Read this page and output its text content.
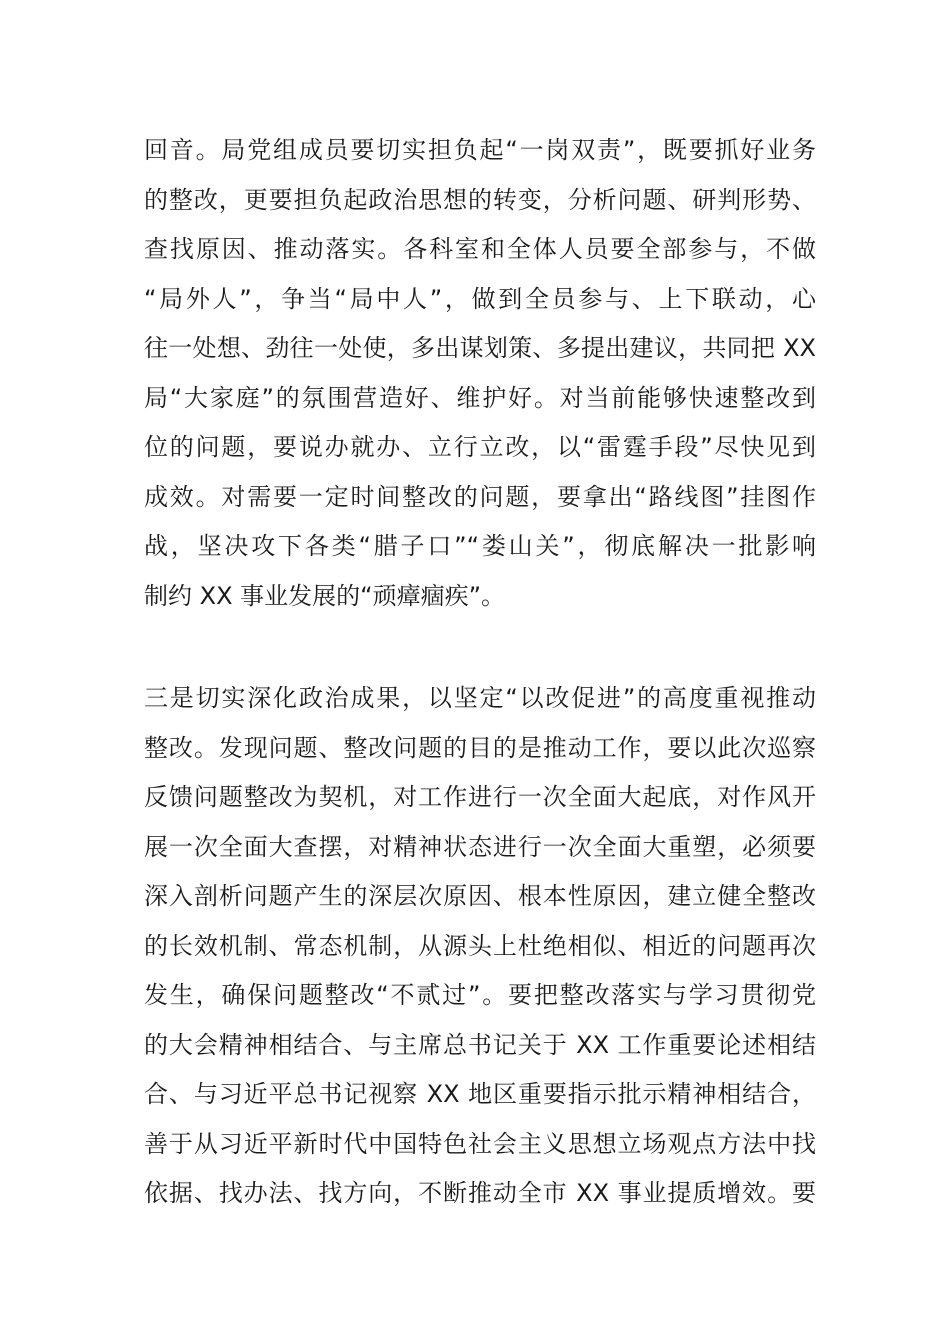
回音。局党组成员要切实担负起“一岗双责”，既要抓好业务
的整改，更要担负起政治思想的转变，分析问题、研判形势、
查找原因、推动落实。各科室和全体人员要全部参与，不做
“局外人”，争当“局中人”，做到全员参与、上下联动，心
往一处想、劲往一处使，多出谋划策、多提出建议，共同把 XX
局“大家庭”的氛围营造好、维护好。对当前能够快速整改到
位的问题，要说办就办、立行立改，以“雷霆手段”尽快见到
成效。对需要一定时间整改的问题，要拿出“路线图”挂图作
战，坚决攻下各类“腊子口”“娄山关”，彻底解决一批影响
制约 XX 事业发展的“顽瘴痼疾”。
三是切实深化政治成果，以坚定“以改促进”的高度重视推动
整改。发现问题、整改问题的目的是推动工作，要以此次巡察
反馈问题整改为契机，对工作进行一次全面大起底，对作风开
展一次全面大查摆，对精神状态进行一次全面大重塑，必须要
深入剖析问题产生的深层次原因、根本性原因，建立健全整改
的长效机制、常态机制，从源头上杜绝相似、相近的问题再次
发生，确保问题整改“不贰过”。要把整改落实与学习贯彻党
的大会精神相结合、与主席总书记关于 XX 工作重要论述相结
合、与习近平总书记视察 XX 地区重要指示批示精神相结合，
善于从习近平新时代中国特色社会主义思想立场观点方法中找
依据、找办法、找方向，不断推动全市 XX 事业提质增效。要
